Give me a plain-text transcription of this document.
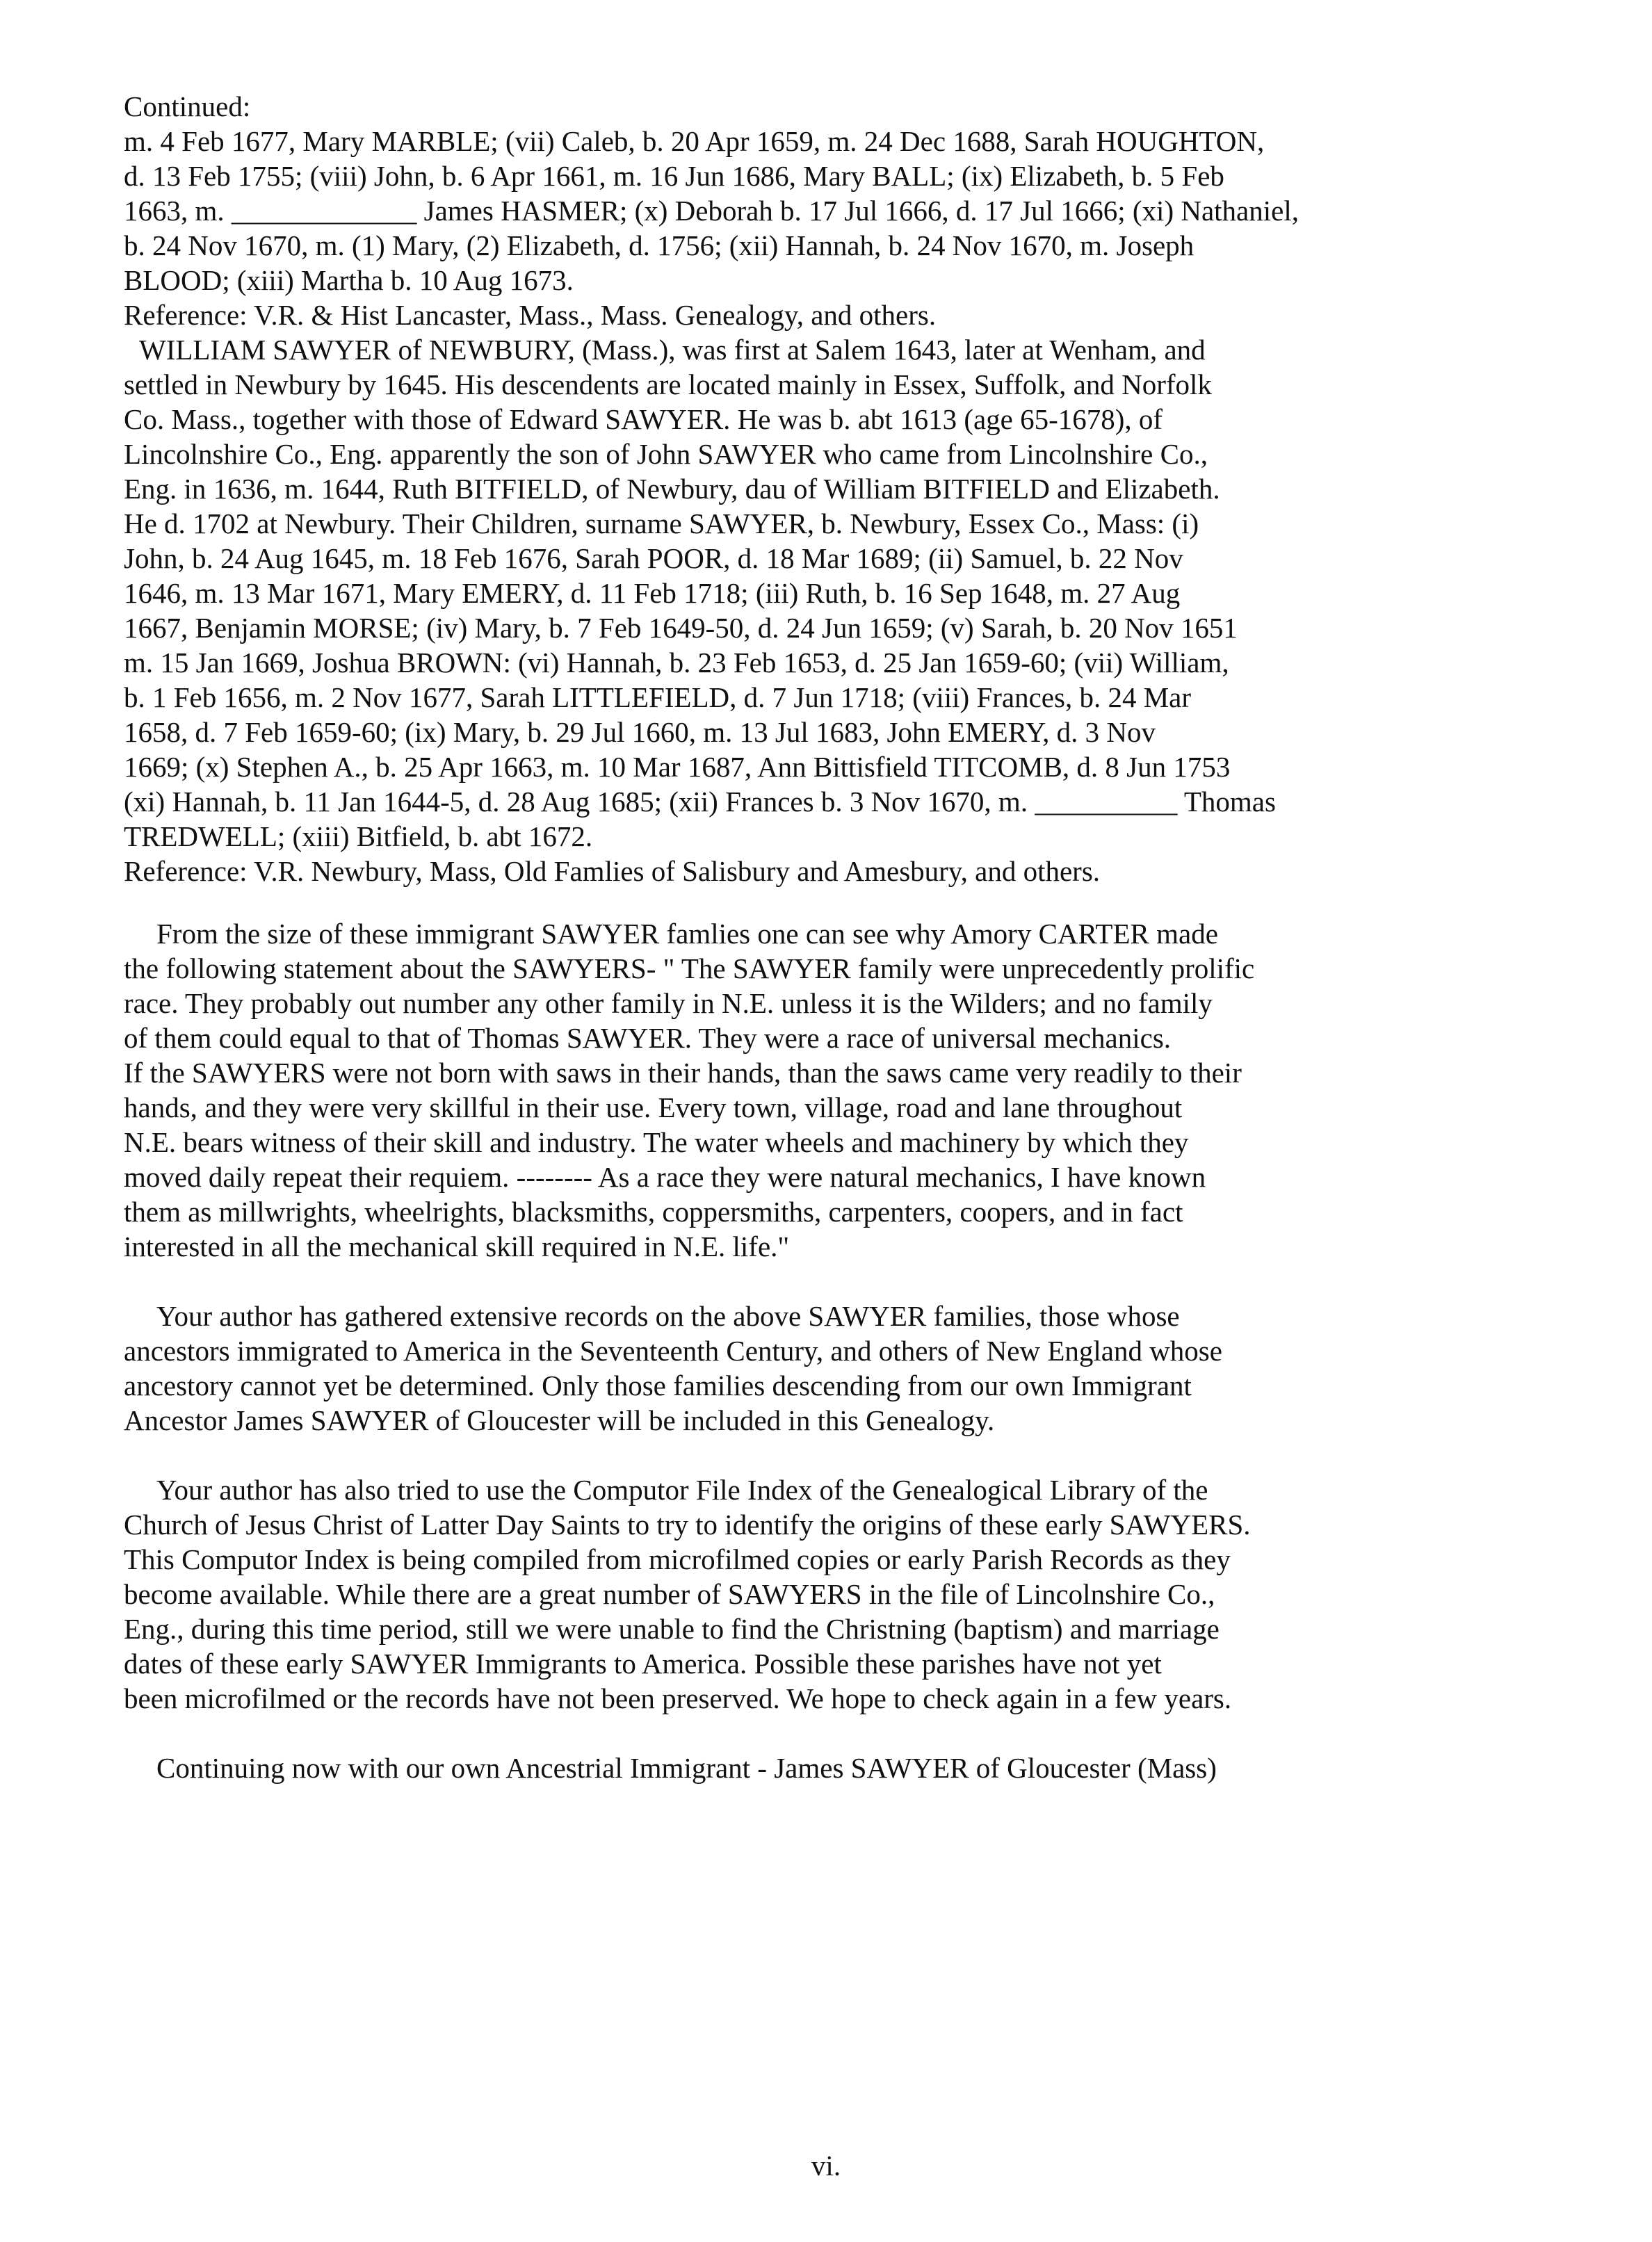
Continued:
m. 4 Feb 1677, Mary MARBLE; (vii) Caleb, b. 20 Apr 1659, m. 24 Dec 1688, Sarah HOUGHTON,
d. 13 Feb 1755; (viii) John, b. 6 Apr 1661, m. 16 Jun 1686, Mary BALL; (ix) Elizabeth, b. 5 Feb
1663, m. _____________ James HASMER; (x) Deborah b. 17 Jul 1666, d. 17 Jul 1666; (xi) Nathaniel,
b. 24 Nov 1670, m. (1) Mary, (2) Elizabeth, d. 1756; (xii) Hannah, b. 24 Nov 1670, m. Joseph
BLOOD; (xiii) Martha b. 10 Aug 1673.
Reference: V.R. & Hist Lancaster, Mass., Mass. Genealogy, and others.
WILLIAM SAWYER of NEWBURY, (Mass.), was first at Salem 1643, later at Wenham, and
settled in Newbury by 1645. His descendents are located mainly in Essex, Suffolk, and Norfolk
Co. Mass., together with those of Edward SAWYER. He was b. abt 1613 (age 65-1678), of
Lincolnshire Co., Eng. apparently the son of John SAWYER who came from Lincolnshire Co.,
Eng. in 1636, m. 1644, Ruth BITFIELD, of Newbury, dau of William BITFIELD and Elizabeth.
He d. 1702 at Newbury. Their Children, surname SAWYER, b. Newbury, Essex Co., Mass: (i)
John, b. 24 Aug 1645, m. 18 Feb 1676, Sarah POOR, d. 18 Mar 1689; (ii) Samuel, b. 22 Nov
1646, m. 13 Mar 1671, Mary EMERY, d. 11 Feb 1718; (iii) Ruth, b. 16 Sep 1648, m. 27 Aug
1667, Benjamin MORSE; (iv) Mary, b. 7 Feb 1649-50, d. 24 Jun 1659; (v) Sarah, b. 20 Nov 1651
m. 15 Jan 1669, Joshua BROWN: (vi) Hannah, b. 23 Feb 1653, d. 25 Jan 1659-60; (vii) William,
b. 1 Feb 1656, m. 2 Nov 1677, Sarah LITTLEFIELD, d. 7 Jun 1718; (viii) Frances, b. 24 Mar
1658, d. 7 Feb 1659-60; (ix) Mary, b. 29 Jul 1660, m. 13 Jul 1683, John EMERY, d. 3 Nov
1669; (x) Stephen A., b. 25 Apr 1663, m. 10 Mar 1687, Ann Bittisfield TITCOMB, d. 8 Jun 1753
(xi) Hannah, b. 11 Jan 1644-5, d. 28 Aug 1685; (xii) Frances b. 3 Nov 1670, m. __________ Thomas
TREDWELL; (xiii) Bitfield, b. abt 1672.
Reference: V.R. Newbury, Mass, Old Famlies of Salisbury and Amesbury, and others.
From the size of these immigrant SAWYER famlies one can see why Amory CARTER made
the following statement about the SAWYERS- " The SAWYER family were unprecedently prolific
race. They probably out number any other family in N.E. unless it is the Wilders; and no family
of them could equal to that of Thomas SAWYER. They were a race of universal mechanics.
If the SAWYERS were not born with saws in their hands, than the saws came very readily to their
hands, and they were very skillful in their use. Every town, village, road and lane throughout
N.E. bears witness of their skill and industry. The water wheels and machinery by which they
moved daily repeat their requiem. -------- As a race they were natural mechanics, I have known
them as millwrights, wheelrights, blacksmiths, coppersmiths, carpenters, coopers, and in fact
interested in all the mechanical skill required in N.E. life."
Your author has gathered extensive records on the above SAWYER families, those whose
ancestors immigrated to America in the Seventeenth Century, and others of New England whose
ancestory cannot yet be determined. Only those families descending from our own Immigrant
Ancestor James SAWYER of Gloucester will be included in this Genealogy.
Your author has also tried to use the Computor File Index of the Genealogical Library of the
Church of Jesus Christ of Latter Day Saints to try to identify the origins of these early SAWYERS.
This Computor Index is being compiled from microfilmed copies or early Parish Records as they
become available. While there are a great number of SAWYERS in the file of Lincolnshire Co.,
Eng., during this time period, still we were unable to find the Christning (baptism) and marriage
dates of these early SAWYER Immigrants to America. Possible these parishes have not yet
been microfilmed or the records have not been preserved. We hope to check again in a few years.
Continuing now with our own Ancestrial Immigrant - James SAWYER of Gloucester (Mass)
vi.
